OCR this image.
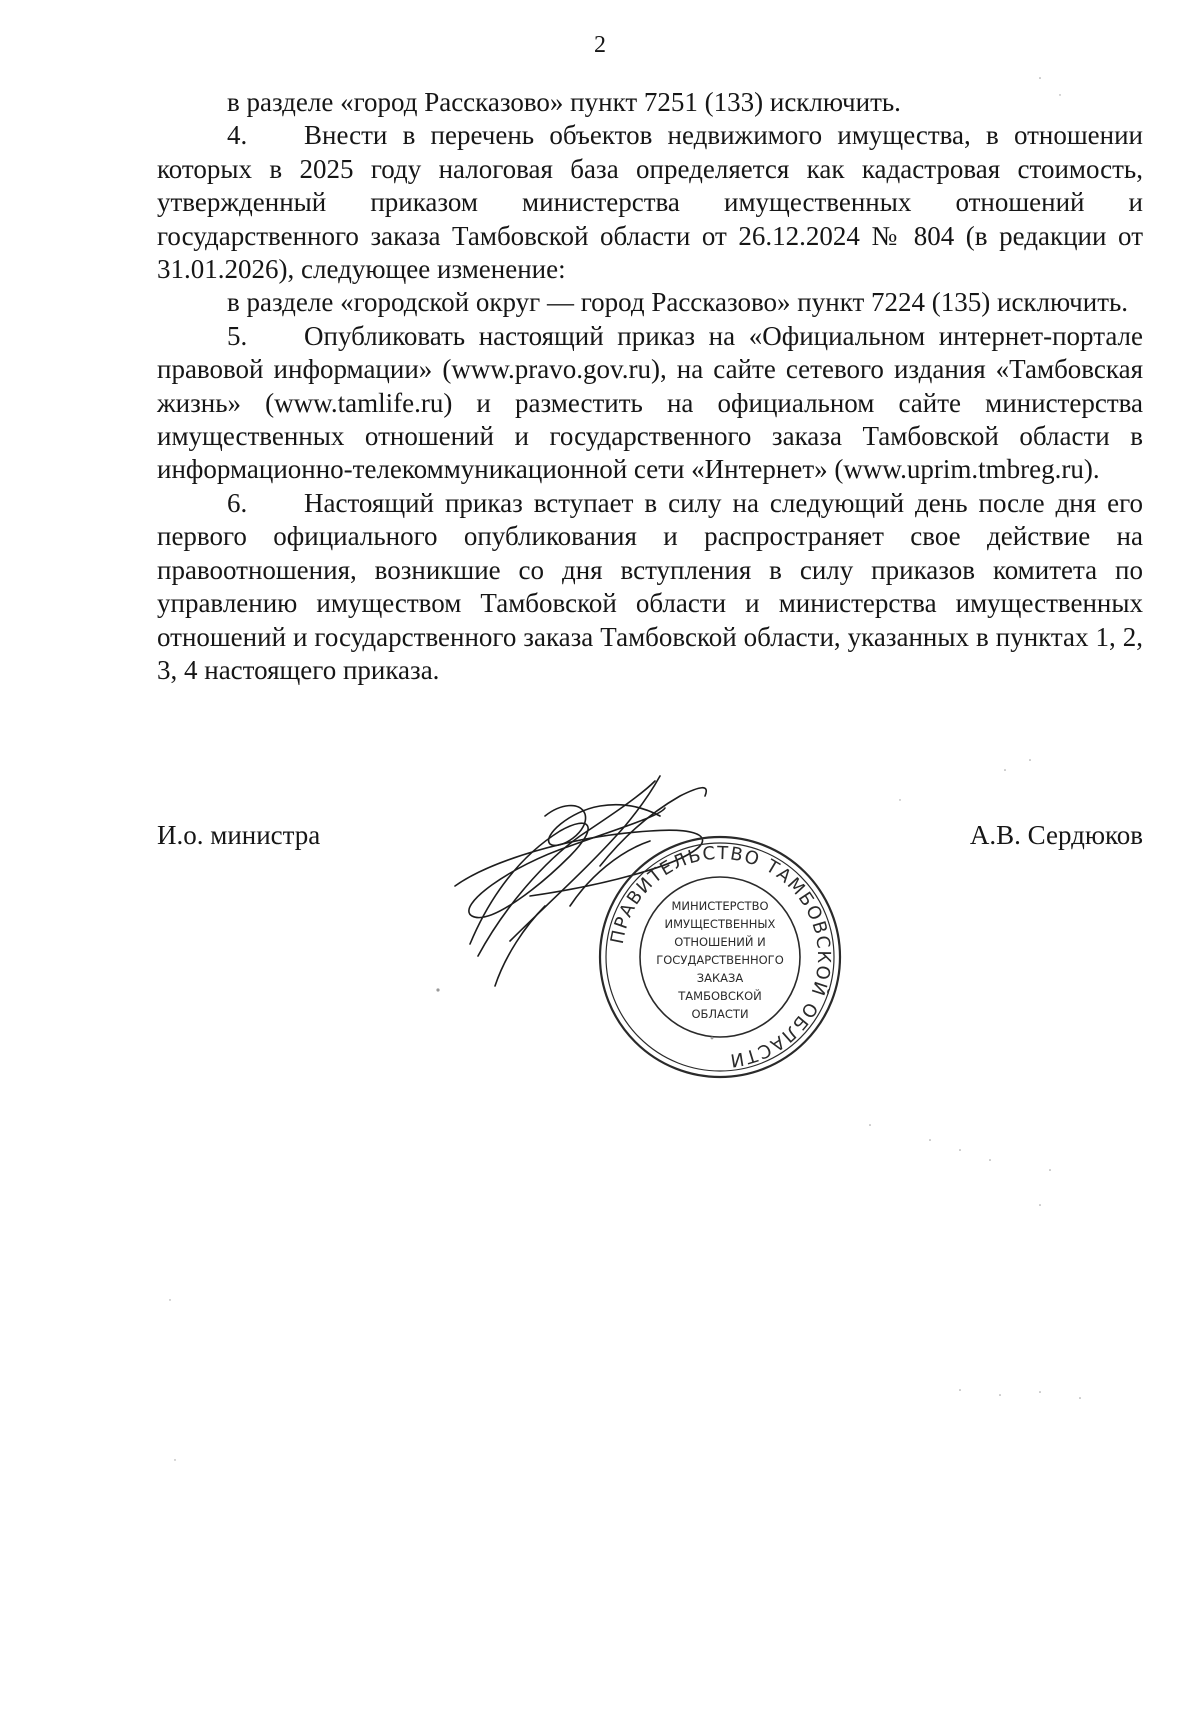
2

в разделе «город Рассказово» пункт 7251 (133) исключить.

4. Внести в перечень объектов недвижимого имущества, в отношении которых в 2025 году налоговая база определяется как кадастровая стоимость, утвержденный приказом министерства имущественных отношений и государственного заказа Тамбовской области от 26.12.2024 № 804 (в редакции от 31.01.2026), следующее изменение:

в разделе «городской округ — город Рассказово» пункт 7224 (135) исключить.

5. Опубликовать настоящий приказ на «Официальном интернет-портале правовой информации» (www.pravo.gov.ru), на сайте сетевого издания «Тамбовская жизнь» (www.tamlife.ru) и разместить на официальном сайте министерства имущественных отношений и государственного заказа Тамбовской области в информационно-телекоммуникационной сети «Интернет» (www.uprim.tmbreg.ru).

6. Настоящий приказ вступает в силу на следующий день после дня его первого официального опубликования и распространяет свое действие на правоотношения, возникшие со дня вступления в силу приказов комитета по управлению имуществом Тамбовской области и министерства имущественных отношений и государственного заказа Тамбовской области, указанных в пунктах 1, 2, 3, 4 настоящего приказа.

И.о. министра	А.В. Сердюков
ПРАВИТЕЛЬСТВО ТАМБОВСКОЙ ОБЛАСТИ
МИНИСТЕРСТВО
ИМУЩЕСТВЕННЫХ
ОТНОШЕНИЙ И
ГОСУДАРСТВЕННОГО
ЗАКАЗА
ТАМБОВСКОЙ
ОБЛАСТИ
